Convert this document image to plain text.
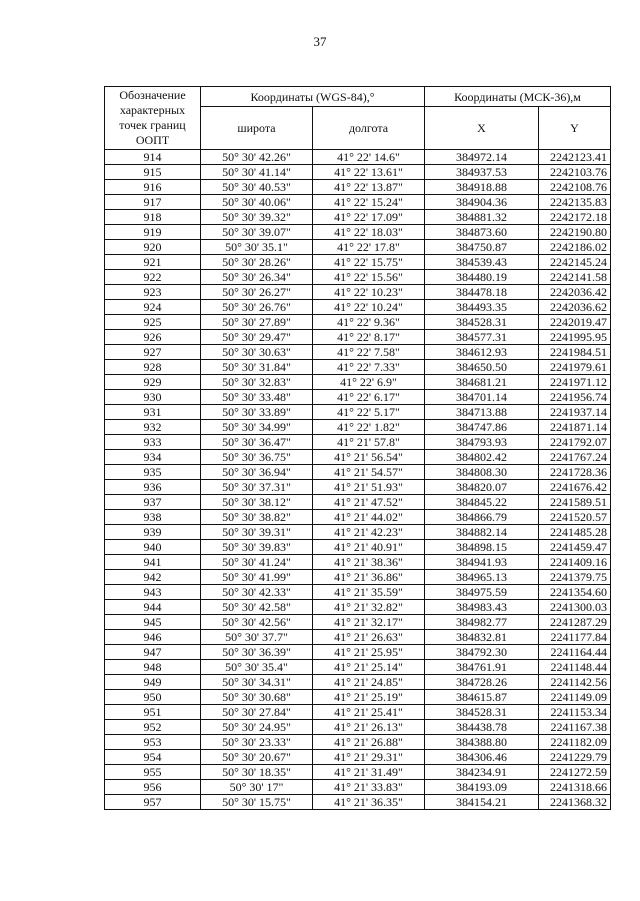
37
Обозначение характерных точек границ ООПТ	Координаты (WGS-84),°		Координаты (МСК-36),м	
	широта	долгота	X	Y
914	50° 30' 42.26"	41° 22' 14.6"	384972.14	2242123.41
915	50° 30' 41.14"	41° 22' 13.61"	384937.53	2242103.76
916	50° 30' 40.53"	41° 22' 13.87"	384918.88	2242108.76
917	50° 30' 40.06"	41° 22' 15.24"	384904.36	2242135.83
918	50° 30' 39.32"	41° 22' 17.09"	384881.32	2242172.18
919	50° 30' 39.07"	41° 22' 18.03"	384873.60	2242190.80
920	50° 30' 35.1"	41° 22' 17.8"	384750.87	2242186.02
921	50° 30' 28.26"	41° 22' 15.75"	384539.43	2242145.24
922	50° 30' 26.34"	41° 22' 15.56"	384480.19	2242141.58
923	50° 30' 26.27"	41° 22' 10.23"	384478.18	2242036.42
924	50° 30' 26.76"	41° 22' 10.24"	384493.35	2242036.62
925	50° 30' 27.89"	41° 22' 9.36"	384528.31	2242019.47
926	50° 30' 29.47"	41° 22' 8.17"	384577.31	2241995.95
927	50° 30' 30.63"	41° 22' 7.58"	384612.93	2241984.51
928	50° 30' 31.84"	41° 22' 7.33"	384650.50	2241979.61
929	50° 30' 32.83"	41° 22' 6.9"	384681.21	2241971.12
930	50° 30' 33.48"	41° 22' 6.17"	384701.14	2241956.74
931	50° 30' 33.89"	41° 22' 5.17"	384713.88	2241937.14
932	50° 30' 34.99"	41° 22' 1.82"	384747.86	2241871.14
933	50° 30' 36.47"	41° 21' 57.8"	384793.93	2241792.07
934	50° 30' 36.75"	41° 21' 56.54"	384802.42	2241767.24
935	50° 30' 36.94"	41° 21' 54.57"	384808.30	2241728.36
936	50° 30' 37.31"	41° 21' 51.93"	384820.07	2241676.42
937	50° 30' 38.12"	41° 21' 47.52"	384845.22	2241589.51
938	50° 30' 38.82"	41° 21' 44.02"	384866.79	2241520.57
939	50° 30' 39.31"	41° 21' 42.23"	384882.14	2241485.28
940	50° 30' 39.83"	41° 21' 40.91"	384898.15	2241459.47
941	50° 30' 41.24"	41° 21' 38.36"	384941.93	2241409.16
942	50° 30' 41.99"	41° 21' 36.86"	384965.13	2241379.75
943	50° 30' 42.33"	41° 21' 35.59"	384975.59	2241354.60
944	50° 30' 42.58"	41° 21' 32.82"	384983.43	2241300.03
945	50° 30' 42.56"	41° 21' 32.17"	384982.77	2241287.29
946	50° 30' 37.7"	41° 21' 26.63"	384832.81	2241177.84
947	50° 30' 36.39"	41° 21' 25.95"	384792.30	2241164.44
948	50° 30' 35.4"	41° 21' 25.14"	384761.91	2241148.44
949	50° 30' 34.31"	41° 21' 24.85"	384728.26	2241142.56
950	50° 30' 30.68"	41° 21' 25.19"	384615.87	2241149.09
951	50° 30' 27.84"	41° 21' 25.41"	384528.31	2241153.34
952	50° 30' 24.95"	41° 21' 26.13"	384438.78	2241167.38
953	50° 30' 23.33"	41° 21' 26.88"	384388.80	2241182.09
954	50° 30' 20.67"	41° 21' 29.31"	384306.46	2241229.79
955	50° 30' 18.35"	41° 21' 31.49"	384234.91	2241272.59
956	50° 30' 17"	41° 21' 33.83"	384193.09	2241318.66
957	50° 30' 15.75"	41° 21' 36.35"	384154.21	2241368.32
